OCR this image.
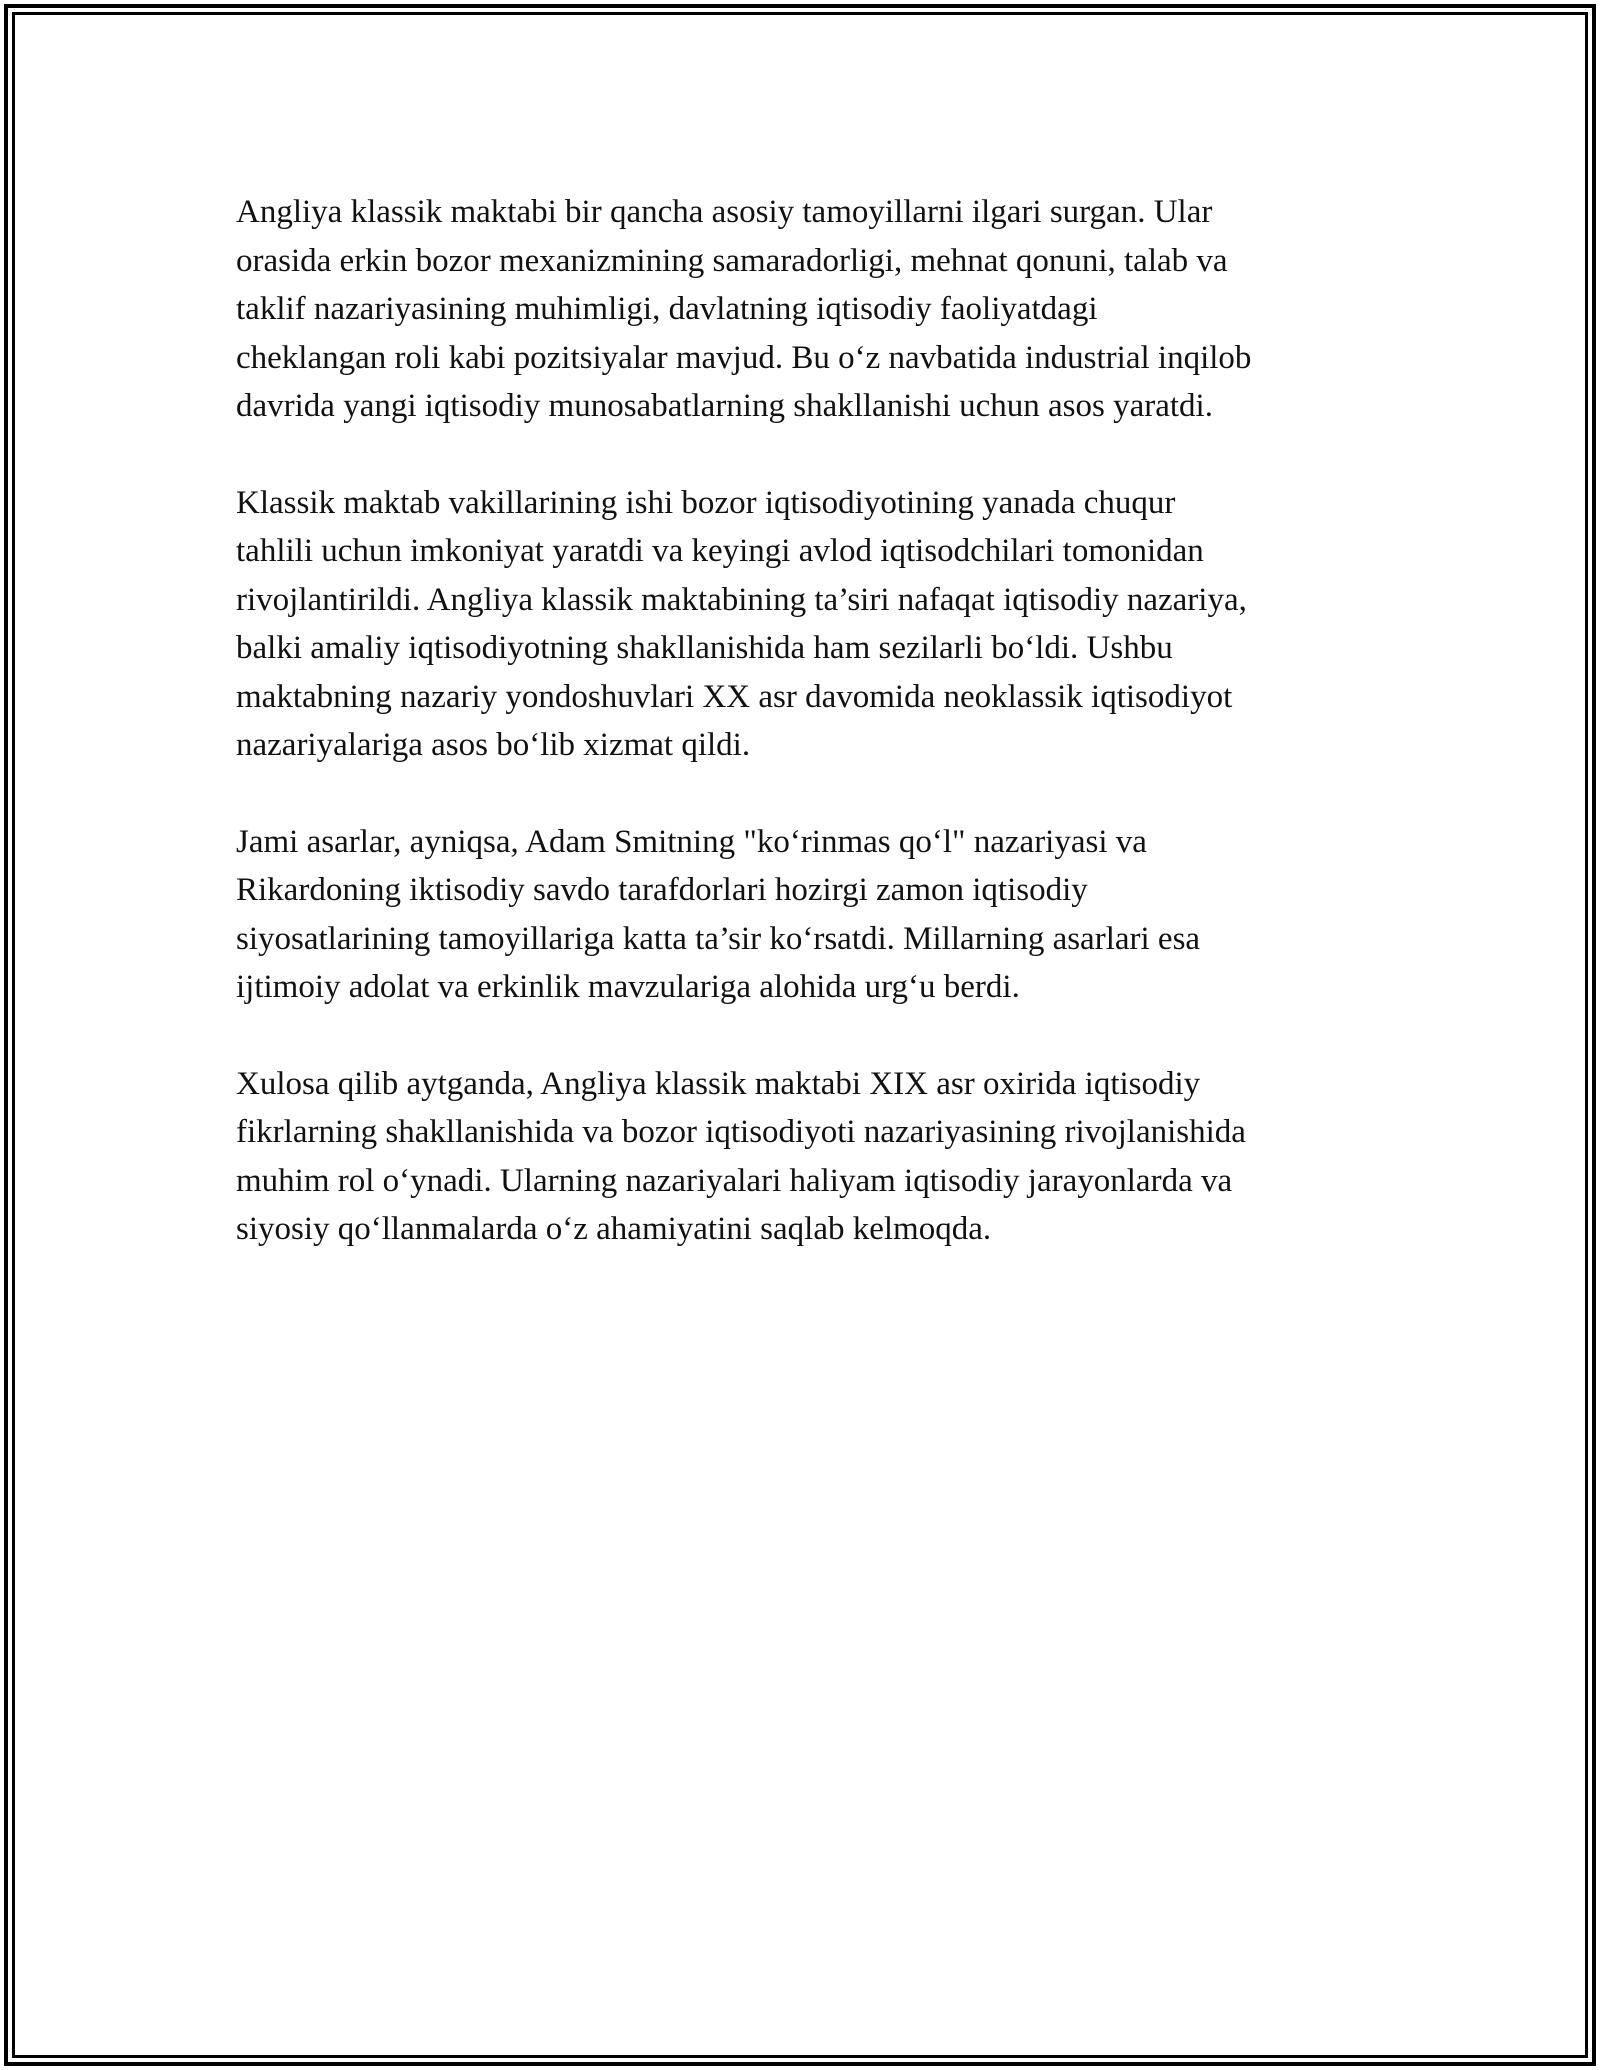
Angliya klassik maktabi bir qancha asosiy tamoyillarni ilgari surgan. Ular
orasida erkin bozor mexanizmining samaradorligi, mehnat qonuni, talab va
taklif nazariyasining muhimligi, davlatning iqtisodiy faoliyatdagi
cheklangan roli kabi pozitsiyalar mavjud. Bu o‘z navbatida industrial inqilob
davrida yangi iqtisodiy munosabatlarning shakllanishi uchun asos yaratdi.

Klassik maktab vakillarining ishi bozor iqtisodiyotining yanada chuqur
tahlili uchun imkoniyat yaratdi va keyingi avlod iqtisodchilari tomonidan
rivojlantirildi. Angliya klassik maktabining ta’siri nafaqat iqtisodiy nazariya,
balki amaliy iqtisodiyotning shakllanishida ham sezilarli bo‘ldi. Ushbu
maktabning nazariy yondoshuvlari XX asr davomida neoklassik iqtisodiyot
nazariyalariga asos bo‘lib xizmat qildi.

Jami asarlar, ayniqsa, Adam Smitning "ko‘rinmas qo‘l" nazariyasi va
Rikardoning iktisodiy savdo tarafdorlari hozirgi zamon iqtisodiy
siyosatlarining tamoyillariga katta ta’sir ko‘rsatdi. Millarning asarlari esa
ijtimoiy adolat va erkinlik mavzulariga alohida urg‘u berdi.

Xulosa qilib aytganda, Angliya klassik maktabi XIX asr oxirida iqtisodiy
fikrlarning shakllanishida va bozor iqtisodiyoti nazariyasining rivojlanishida
muhim rol o‘ynadi. Ularning nazariyalari haliyam iqtisodiy jarayonlarda va
siyosiy qo‘llanmalarda o‘z ahamiyatini saqlab kelmoqda.
